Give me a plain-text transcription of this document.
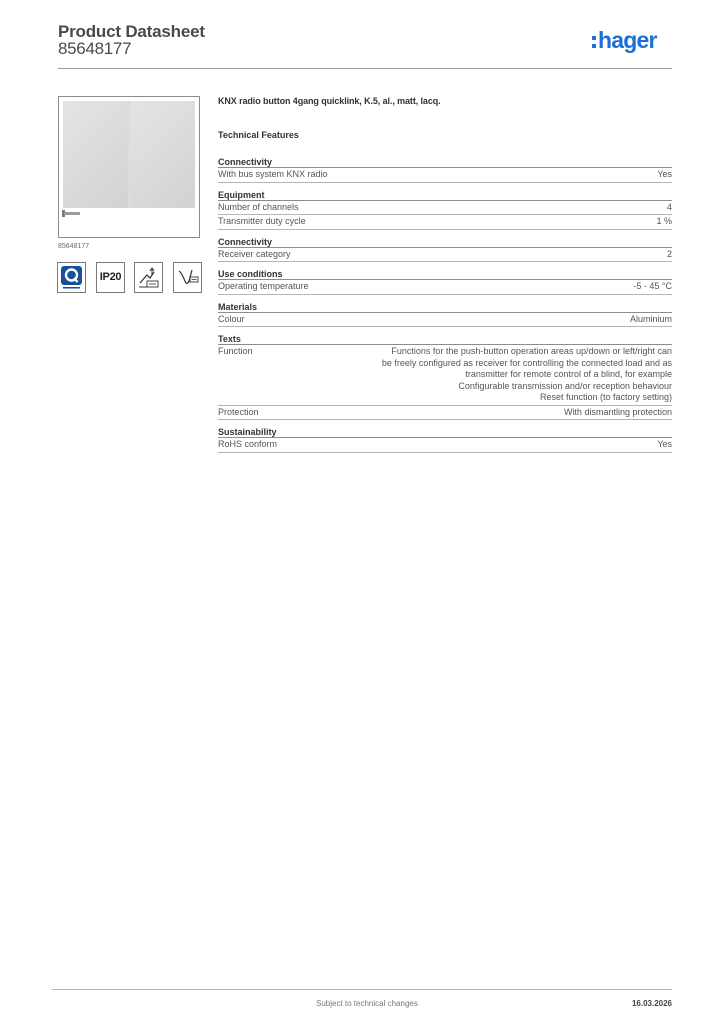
Product Datasheet
85648177	hager
85648177
IP20
KNX radio button 4gang quicklink, K.5, al., matt, lacq.
Technical Features
Connectivity
With bus system KNX radio	Yes
Equipment
Number of channels	4
Transmitter duty cycle	1 %
Connectivity
Receiver category	2
Use conditions
Operating temperature	-5 - 45 °C
Materials
Colour	Aluminium
Texts
Function	Functions for the push-button operation areas up/down or left/right can
be freely configured as receiver for controlling the connected load and as
transmitter for remote control of a blind, for example
Configurable transmission and/or reception behaviour
Reset function (to factory setting)
Protection	With dismantling protection
Sustainability
RoHS conform	Yes
Subject to technical changes	16.03.2026
